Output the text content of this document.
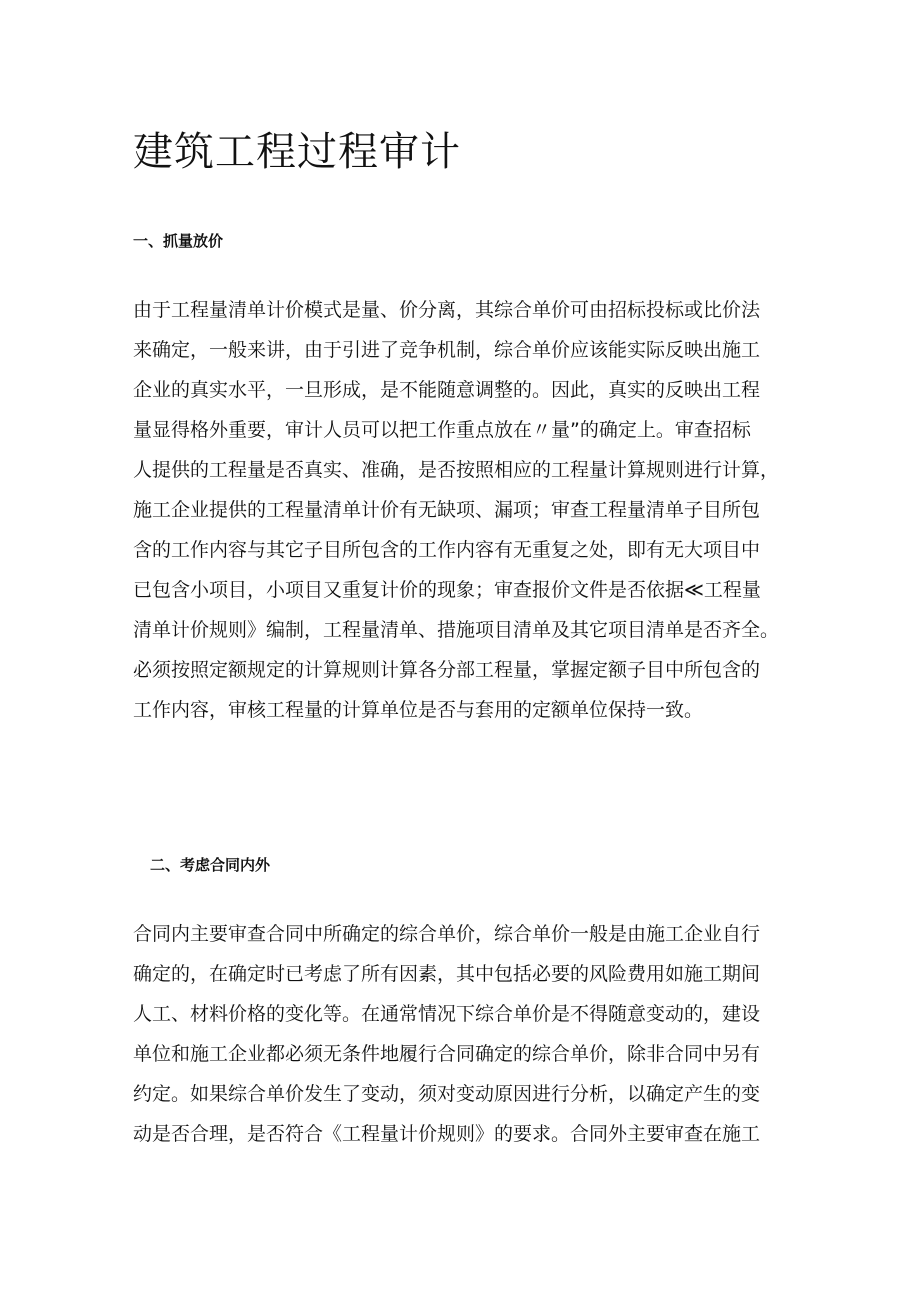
建筑工程过程审计
一、抓量放价
由于工程量清单计价模式是量、价分离，其综合单价可由招标投标或比价法
来确定，一般来讲，由于引进了竞争机制，综合单价应该能实际反映出施工
企业的真实水平，一旦形成，是不能随意调整的。因此，真实的反映出工程
量显得格外重要，审计人员可以把工作重点放在〃量”的确定上。审查招标
人提供的工程量是否真实、准确，是否按照相应的工程量计算规则进行计算，
施工企业提供的工程量清单计价有无缺项、漏项；审查工程量清单子目所包
含的工作内容与其它子目所包含的工作内容有无重复之处，即有无大项目中
已包含小项目，小项目又重复计价的现象；审查报价文件是否依据≪工程量
清单计价规则》编制，工程量清单、措施项目清单及其它项目清单是否齐全。
必须按照定额规定的计算规则计算各分部工程量，掌握定额子目中所包含的
工作内容，审核工程量的计算单位是否与套用的定额单位保持一致。
二、考虑合同内外
合同内主要审查合同中所确定的综合单价，综合单价一般是由施工企业自行
确定的，在确定时已考虑了所有因素，其中包括必要的风险费用如施工期间
人工、材料价格的变化等。在通常情况下综合单价是不得随意变动的，建设
单位和施工企业都必须无条件地履行合同确定的综合单价，除非合同中另有
约定。如果综合单价发生了变动，须对变动原因进行分析，以确定产生的变
动是否合理，是否符合《工程量计价规则》的要求。合同外主要审查在施工
